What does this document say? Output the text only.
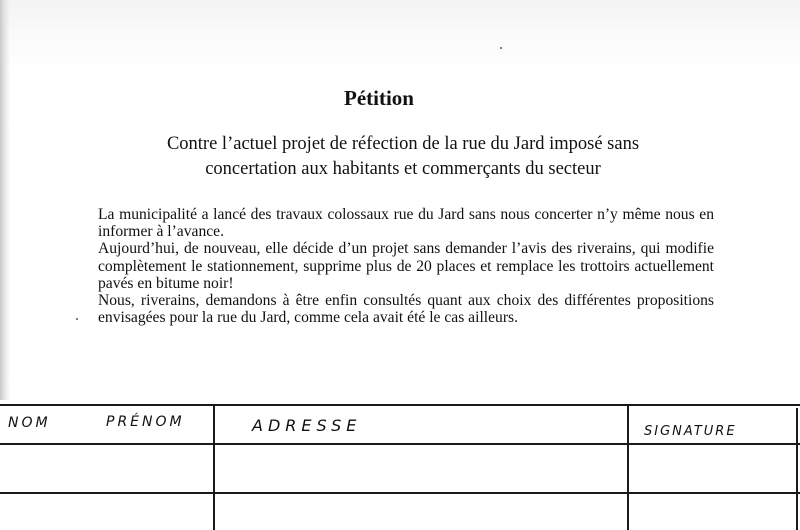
Pétition
Contre l’actuel projet de réfection de la rue du Jard imposé sans
concertation aux habitants et commerçants du secteur

La municipalité a lancé des travaux colossaux rue du Jard sans nous concerter n’y même nous en informer à l’avance.

Aujourd’hui, de nouveau, elle décide d’un projet sans demander l’avis des riverains, qui modifie complètement le stationnement, supprime plus de 20 places et remplace les trottoirs actuellement pavés en bitume noir!

Nous, riverains, demandons à être enfin consultés quant aux choix des différentes propositions envisagées pour la rue du Jard, comme cela avait été le cas ailleurs.

NOM	PRÉNOM	ADRESSE	SIGNATURE
